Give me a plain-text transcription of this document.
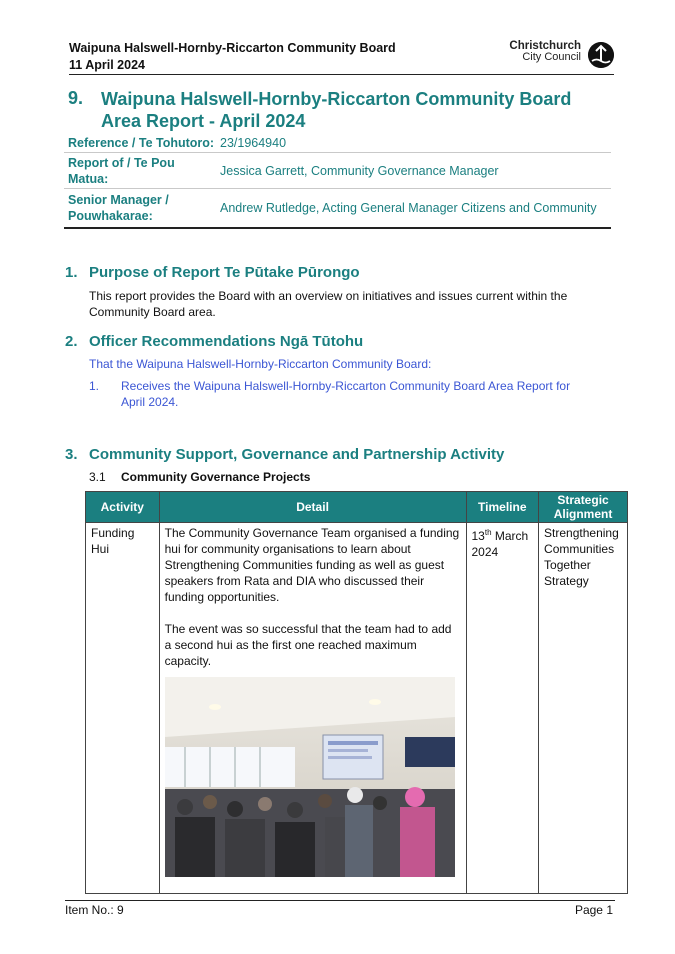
Waipuna Halswell-Hornby-Riccarton Community Board
11 April 2024
Christchurch
City Council
9. Waipuna Halswell-Hornby-Riccarton Community Board Area Report - April 2024
Reference / Te Tohutoro: 23/1964940
Report of / Te Pou Matua:
Jessica Garrett, Community Governance Manager
Senior Manager / Pouwhakarae:
Andrew Rutledge, Acting General Manager Citizens and Community
1. Purpose of Report Te Pūtake Pūrongo
This report provides the Board with an overview on initiatives and issues current within the Community Board area.
2. Officer Recommendations Ngā Tūtohu
That the Waipuna Halswell-Hornby-Riccarton Community Board:
1.	Receives the Waipuna Halswell-Hornby-Riccarton Community Board Area Report for April 2024.
3. Community Support, Governance and Partnership Activity
3.1 Community Governance Projects
Activity	Detail	Timeline	Strategic Alignment
Funding Hui	The Community Governance Team organised a funding hui for community organisations to learn about Strengthening Communities funding as well as guest speakers from Rata and DIA who discussed their funding opportunities.
The event was so successful that the team had to add a second hui as the first one reached maximum capacity.	13th March 2024	Strengthening Communities Together Strategy
Item No.: 9	Page 1
